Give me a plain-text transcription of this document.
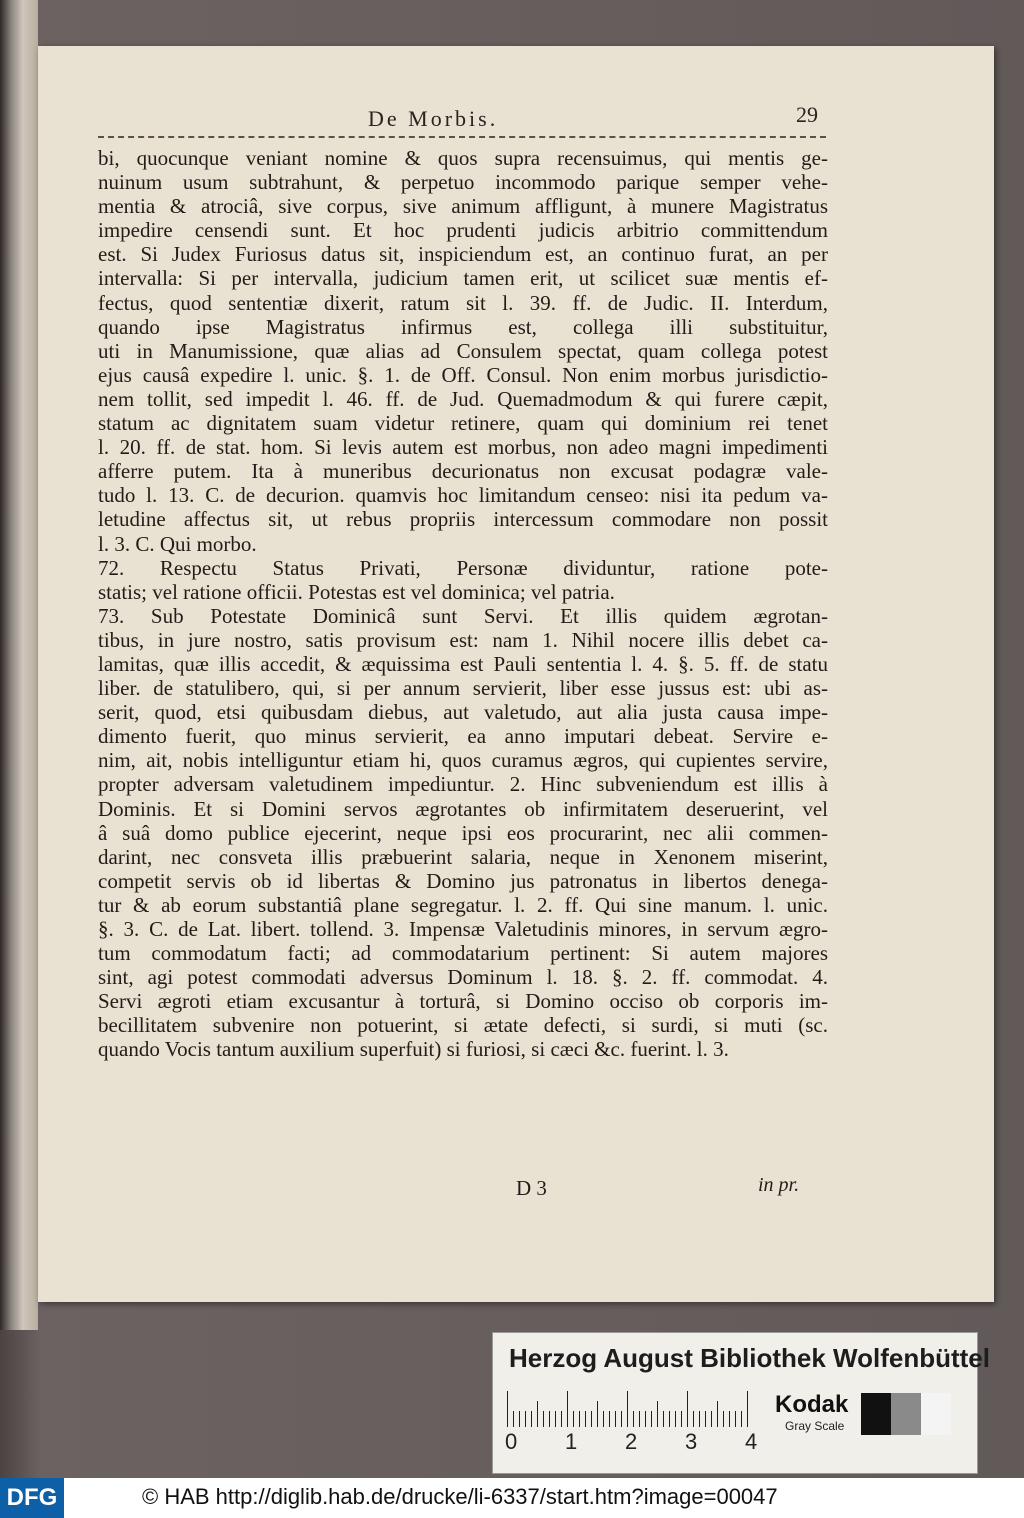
De Morbis.	29
bi, quocunque veniant nomine & quos supra recensuimus, qui mentis ge-
nuinum usum subtrahunt, & perpetuo incommodo parique semper vehe-
mentia & atrociâ, sive corpus, sive animum affligunt, à munere Magistratus
impedire censendi sunt. Et hoc prudenti judicis arbitrio committendum
est. Si Judex Furiosus datus sit, inspiciendum est, an continuo furat, an per
intervalla: Si per intervalla, judicium tamen erit, ut scilicet suæ mentis ef-
fectus, quod sententiæ dixerit, ratum sit l. 39. ff. de Judic. II. Interdum,
quando ipse Magistratus infirmus est, collega illi substituitur,
uti in Manumissione, quæ alias ad Consulem spectat, quam collega potest
ejus causâ expedire l. unic. §. 1. de Off. Consul. Non enim morbus jurisdictio-
nem tollit, sed impedit l. 46. ff. de Jud. Quemadmodum & qui furere cæpit,
statum ac dignitatem suam videtur retinere, quam qui dominium rei tenet
l. 20. ff. de stat. hom. Si levis autem est morbus, non adeo magni impedimenti
afferre putem. Ita à muneribus decurionatus non excusat podagræ vale-
tudo l. 13. C. de decurion. quamvis hoc limitandum censeo: nisi ita pedum va-
letudine affectus sit, ut rebus propriis intercessum commodare non possit
l. 3. C. Qui morbo.
72. Respectu Status Privati, Personæ dividuntur, ratione pote-
statis; vel ratione officii. Potestas est vel dominica; vel patria.
73. Sub Potestate Dominicâ sunt Servi. Et illis quidem ægrotan-
tibus, in jure nostro, satis provisum est: nam 1. Nihil nocere illis debet ca-
lamitas, quæ illis accedit, & æquissima est Pauli sententia l. 4. §. 5. ff. de statu
liber. de statulibero, qui, si per annum servierit, liber esse jussus est: ubi as-
serit, quod, etsi quibusdam diebus, aut valetudo, aut alia justa causa impe-
dimento fuerit, quo minus servierit, ea anno imputari debeat. Servire e-
nim, ait, nobis intelliguntur etiam hi, quos curamus ægros, qui cupientes servire,
propter adversam valetudinem impediuntur. 2. Hinc subveniendum est illis à
Dominis. Et si Domini servos ægrotantes ob infirmitatem deseruerint, vel
â suâ domo publice ejecerint, neque ipsi eos procurarint, nec alii commen-
darint, nec consveta illis præbuerint salaria, neque in Xenonem miserint,
competit servis ob id libertas & Domino jus patronatus in libertos denega-
tur & ab eorum substantiâ plane segregatur. l. 2. ff. Qui sine manum. l. unic.
§. 3. C. de Lat. libert. tollend. 3. Impensæ Valetudinis minores, in servum ægro-
tum commodatum facti; ad commodatarium pertinent: Si autem majores
sint, agi potest commodati adversus Dominum l. 18. §. 2. ff. commodat. 4.
Servi ægroti etiam excusantur à torturâ, si Domino occiso ob corporis im-
becillitatem subvenire non potuerint, si ætate defecti, si surdi, si muti (sc.
quando Vocis tantum auxilium superfuit) si furiosi, si cæci &c. fuerint. l. 3.
D 3	in pr.
Herzog August Bibliothek Wolfenbüttel
0 1 2 3 4
Kodak
Gray Scale
DFG	© HAB http://diglib.hab.de/drucke/li-6337/start.htm?image=00047
